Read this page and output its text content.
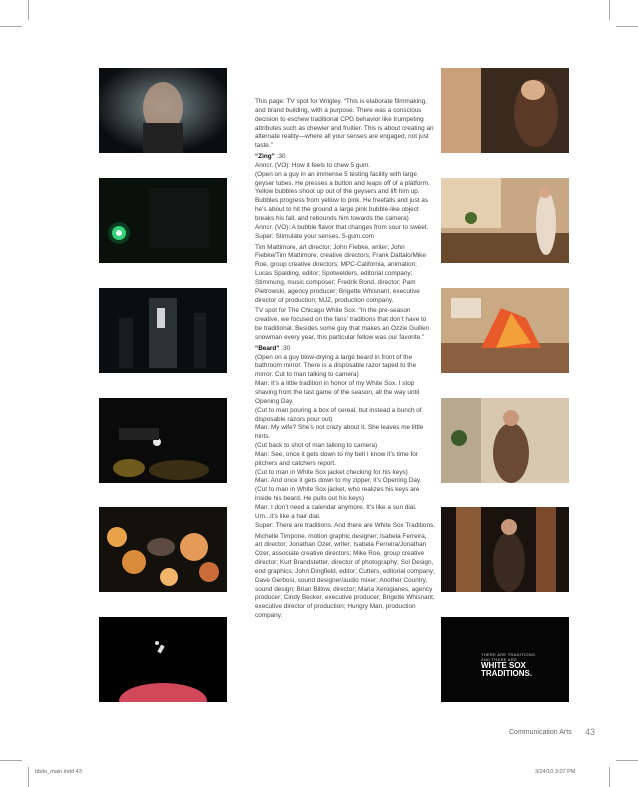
This page: TV spot for Wrigley. “This is elaborate filmmaking, and brand building, with a purpose. There was a conscious decision to eschew traditional CPG behavior like trumpeting attributes such as chewier and fruitier. This is about creating an alternate reality—where all your senses are engaged, not just taste.”

“Zing” :30
Anncr. (VO): How it feels to chew 5 gum.
(Open on a guy in an immense 5 testing facility with large geyser tubes. He presses a button and leaps off of a platform. Yellow bubbles shoot up out of the geysers and lift him up. Bubbles progress from yellow to pink. He freefalls and just as he’s about to hit the ground a large pink bubble-like object breaks his fall, and rebounds him towards the camera)
Anncr. (VO): A bubble flavor that changes from sour to sweet.

Super: Stimulate your senses. 5-gum.com

Tim Mattimore, art director; John Fiebke, writer; John Fiebke/Tim Mattimore, creative directors; Frank Dattalo/Mike Roe, group creative directors; MPC-California, animation; Lucas Spalding, editor; Spotwelders, editorial company; Stimmung, music composer; Fredrik Bond, director; Pam Pietrowski, agency producer; Brigette Whisnant, executive director of production; MJZ, production company.

TV spot for The Chicago White Sox. “In the pre-season creative, we focused on the fans’ traditions that don’t have to be traditional. Besides some guy that makes an Ozzie Guillen snowman every year, this particular fellow was our favorite.”

“Beard” :30
(Open on a guy blow-drying a large beard in front of the bathroom mirror. There is a disposable razor taped to the mirror. Cut to man talking to camera)
Man: It’s a little tradition in honor of my White Sox. I stop shaving from the last game of the season, all the way until Opening Day.
(Cut to man pouring a box of cereal, but instead a bunch of disposable razors pour out)
Man: My wife? She’s not crazy about it. She leaves me little hints.
(Cut back to shot of man talking to camera)
Man: See, once it gets down to my belt I know it’s time for pitchers and catchers report.
(Cut to man in White Sox jacket checking for his keys)
Man: And once it gets down to my zipper, it’s Opening Day.
(Cut to man in White Sox jacket, who realizes his keys are inside his beard. He pulls out his keys)
Man: I don’t need a calendar anymore. It’s like a sun dial. Um...it’s like a hair dial.

Super: There are traditions. And there are White Sox Traditions.

Michelle Timpone, motion graphic designer; Isabela Ferreira, art director; Jonathan Ozer, writer; Isabela Ferreira/Jonathan Ozer, associate creative directors; Mike Roe, group creative director; Kurt Brandstetter, director of photography; Sol Design, end graphics; John Dingfield, editor; Cutters, editorial company; Dave Gerbosi, sound designer/audio mixer; Another Country, sound design; Brian Billow, director; Maria Xerogianes, agency producer; Cindy Becker, executive producer; Brigette Whisnant, executive director of production; Hungry Man, production company.

THERE ARE TRADITIONS.
AND THERE ARE
WHITE SOX
TRADITIONS.
Communication Arts 43
bbdo_main.indd 43	3/24/10 3:07 PM
